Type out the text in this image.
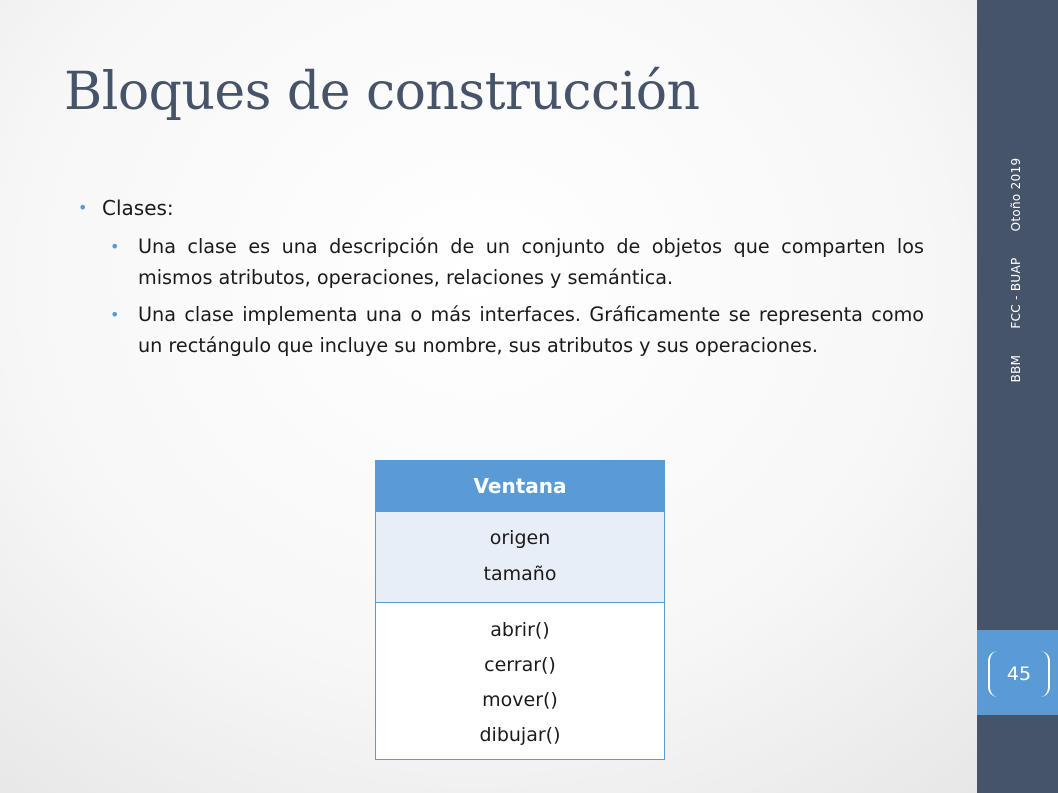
Bloques de construcción
• Clases:
• Una clase es una descripción de un conjunto de objetos que comparten los mismos atributos, operaciones, relaciones y semántica.
• Una clase implementa una o más interfaces. Gráficamente se representa como un rectángulo que incluye su nombre, sus atributos y sus operaciones.
Ventana
origen
tamaño
abrir()
cerrar()
mover()
dibujar()
BBM FCC - BUAP Otoño 2019
45
